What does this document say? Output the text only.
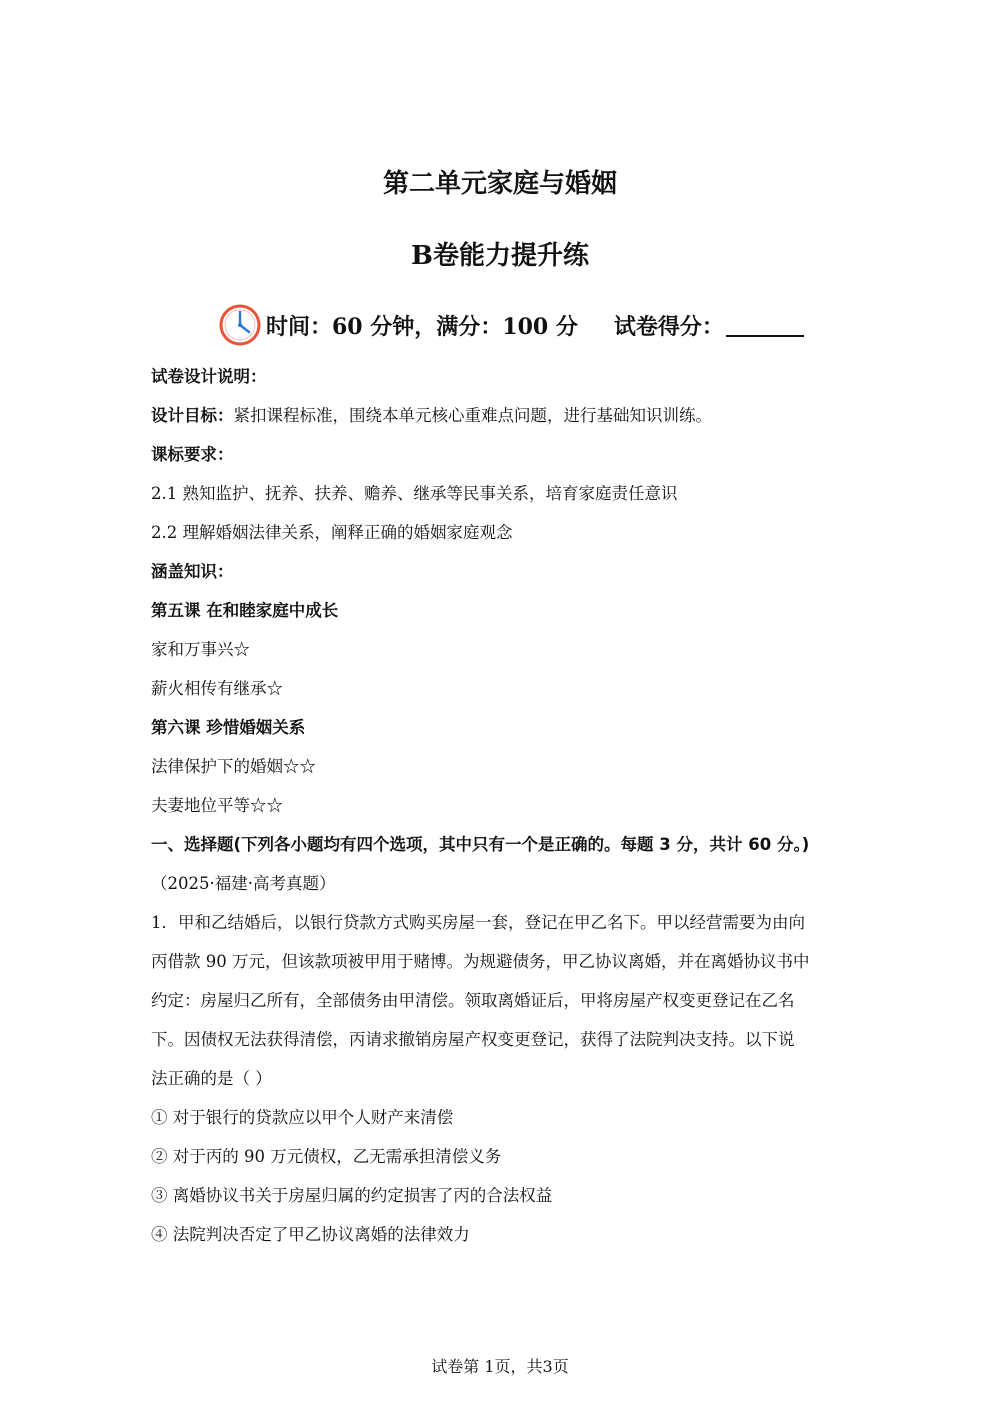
第二单元家庭与婚姻
B卷能力提升练
时间：60 分钟，满分：100 分 试卷得分：
试卷设计说明：
设计目标：紧扣课程标准，围绕本单元核心重难点问题，进行基础知识训练。
课标要求：
2.1 熟知监护、抚养、扶养、赡养、继承等民事关系，培育家庭责任意识
2.2 理解婚姻法律关系，阐释正确的婚姻家庭观念
涵盖知识：
第五课 在和睦家庭中成长
家和万事兴☆
薪火相传有继承☆
第六课 珍惜婚姻关系
法律保护下的婚姻☆☆
夫妻地位平等☆☆
一、选择题(下列各小题均有四个选项，其中只有一个是正确的。每题 3 分，共计 60 分。)
（2025·福建·高考真题）
1．甲和乙结婚后，以银行贷款方式购买房屋一套，登记在甲乙名下。甲以经营需要为由向
丙借款 90 万元，但该款项被甲用于赌博。为规避债务，甲乙协议离婚，并在离婚协议书中
约定：房屋归乙所有，全部债务由甲清偿。领取离婚证后，甲将房屋产权变更登记在乙名
下。因债权无法获得清偿，丙请求撤销房屋产权变更登记，获得了法院判决支持。以下说
法正确的是（ ）
① 对于银行的贷款应以甲个人财产来清偿
② 对于丙的 90 万元债权，乙无需承担清偿义务
③ 离婚协议书关于房屋归属的约定损害了丙的合法权益
④ 法院判决否定了甲乙协议离婚的法律效力
试卷第 1页，共3页
